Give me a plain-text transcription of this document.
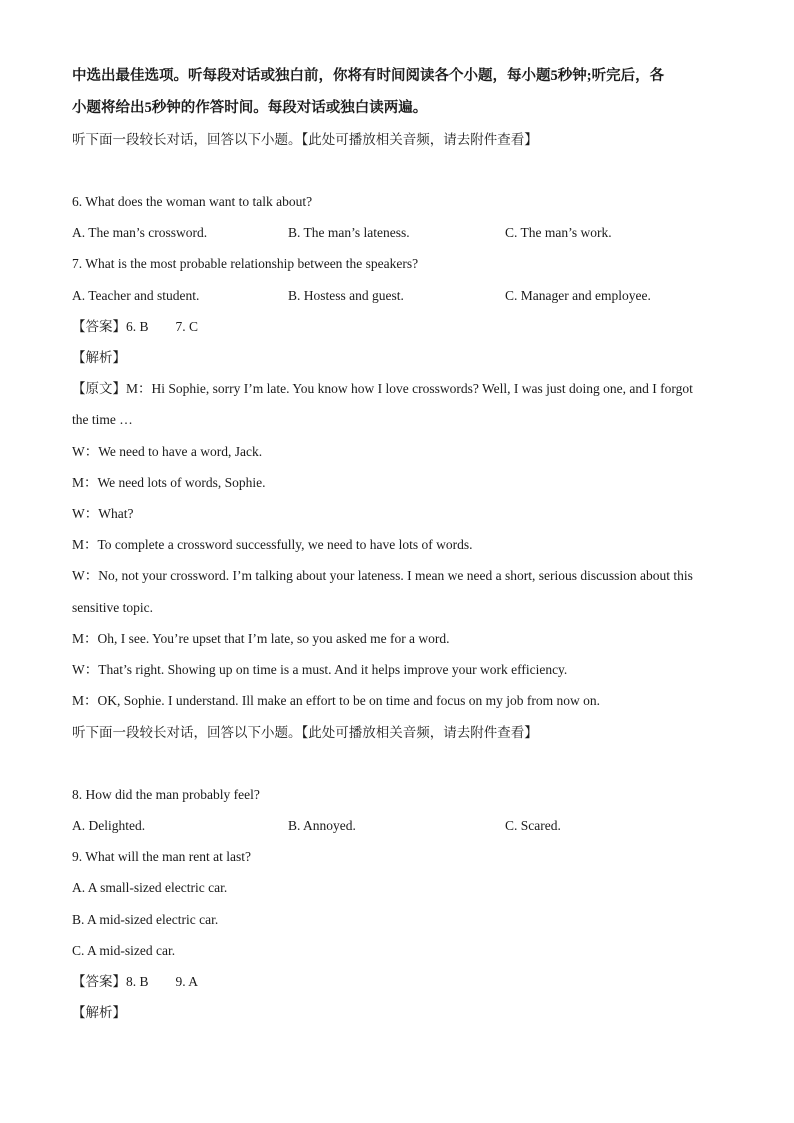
中选出最佳选项。听每段对话或独白前，你将有时间阅读各个小题，每小题5秒钟;听完后，各
小题将给出5秒钟的作答时间。每段对话或独白读两遍。
听下面一段较长对话，回答以下小题。【此处可播放相关音频，请去附件查看】
6. What does the woman want to talk about?
A. The man’s crossword.	B. The man’s lateness.	C. The man’s work.
7. What is the most probable relationship between the speakers?
A. Teacher and student.	B. Hostess and guest.	C. Manager and employee.
【答案】6. B        7. C
【解析】
【原文】M：Hi Sophie, sorry I’m late. You know how I love crosswords? Well, I was just doing one, and I forgot
the time …
W：We need to have a word, Jack.
M：We need lots of words, Sophie.
W：What?
M：To complete a crossword successfully, we need to have lots of words.
W：No, not your crossword. I’m talking about your lateness. I mean we need a short, serious discussion about this
sensitive topic.
M：Oh, I see. You’re upset that I’m late, so you asked me for a word.
W：That’s right. Showing up on time is a must. And it helps improve your work efficiency.
M：OK, Sophie. I understand. Ill make an effort to be on time and focus on my job from now on.
听下面一段较长对话，回答以下小题。【此处可播放相关音频，请去附件查看】
8. How did the man probably feel?
A. Delighted.	B. Annoyed.	C. Scared.
9. What will the man rent at last?
A. A small-sized electric car.
B. A mid-sized electric car.
C. A mid-sized car.
【答案】8. B        9. A
【解析】
